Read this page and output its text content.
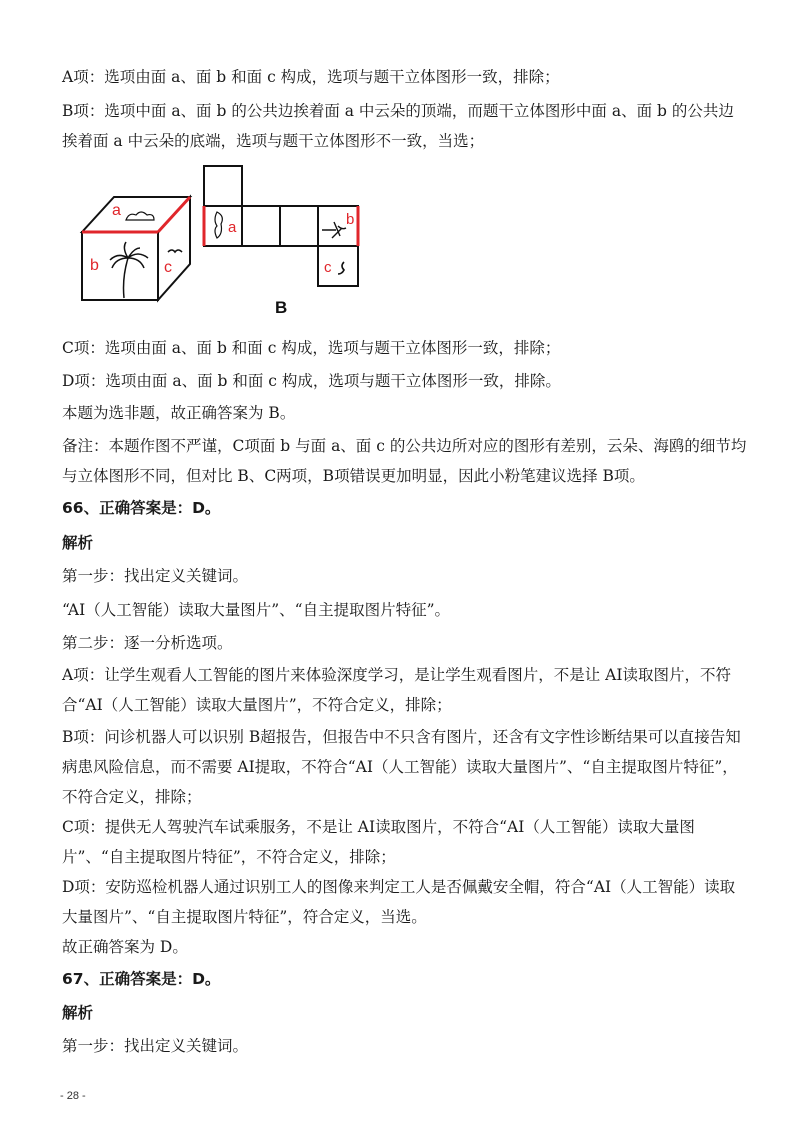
A项：选项由面 a、面 b 和面 c 构成，选项与题干立体图形一致，排除；

B项：选项中面 a、面 b 的公共边挨着面 a 中云朵的顶端，而题干立体图形中面 a、面 b 的公共边挨着面 a 中云朵的底端，选项与题干立体图形不一致，当选；

a
b	c
a	b
c
B

C项：选项由面 a、面 b 和面 c 构成，选项与题干立体图形一致，排除；

D项：选项由面 a、面 b 和面 c 构成，选项与题干立体图形一致，排除。

本题为选非题，故正确答案为 B。

备注：本题作图不严谨，C项面 b 与面 a、面 c 的公共边所对应的图形有差别，云朵、海鸥的细节均与立体图形不同，但对比 B、C两项，B项错误更加明显，因此小粉笔建议选择 B项。

66、正确答案是：D。

解析

第一步：找出定义关键词。

“AI（人工智能）读取大量图片”、“自主提取图片特征”。

第二步：逐一分析选项。

A项：让学生观看人工智能的图片来体验深度学习，是让学生观看图片，不是让 AI读取图片，不符合“AI（人工智能）读取大量图片”，不符合定义，排除；

B项：问诊机器人可以识别 B超报告，但报告中不只含有图片，还含有文字性诊断结果可以直接告知病患风险信息，而不需要 AI提取，不符合“AI（人工智能）读取大量图片”、“自主提取图片特征”，不符合定义，排除；

C项：提供无人驾驶汽车试乘服务，不是让 AI读取图片，不符合“AI（人工智能）读取大量图片”、“自主提取图片特征”，不符合定义，排除；

D项：安防巡检机器人通过识别工人的图像来判定工人是否佩戴安全帽，符合“AI（人工智能）读取大量图片”、“自主提取图片特征”，符合定义，当选。

故正确答案为 D。

67、正确答案是：D。

解析

第一步：找出定义关键词。

- 28 -
